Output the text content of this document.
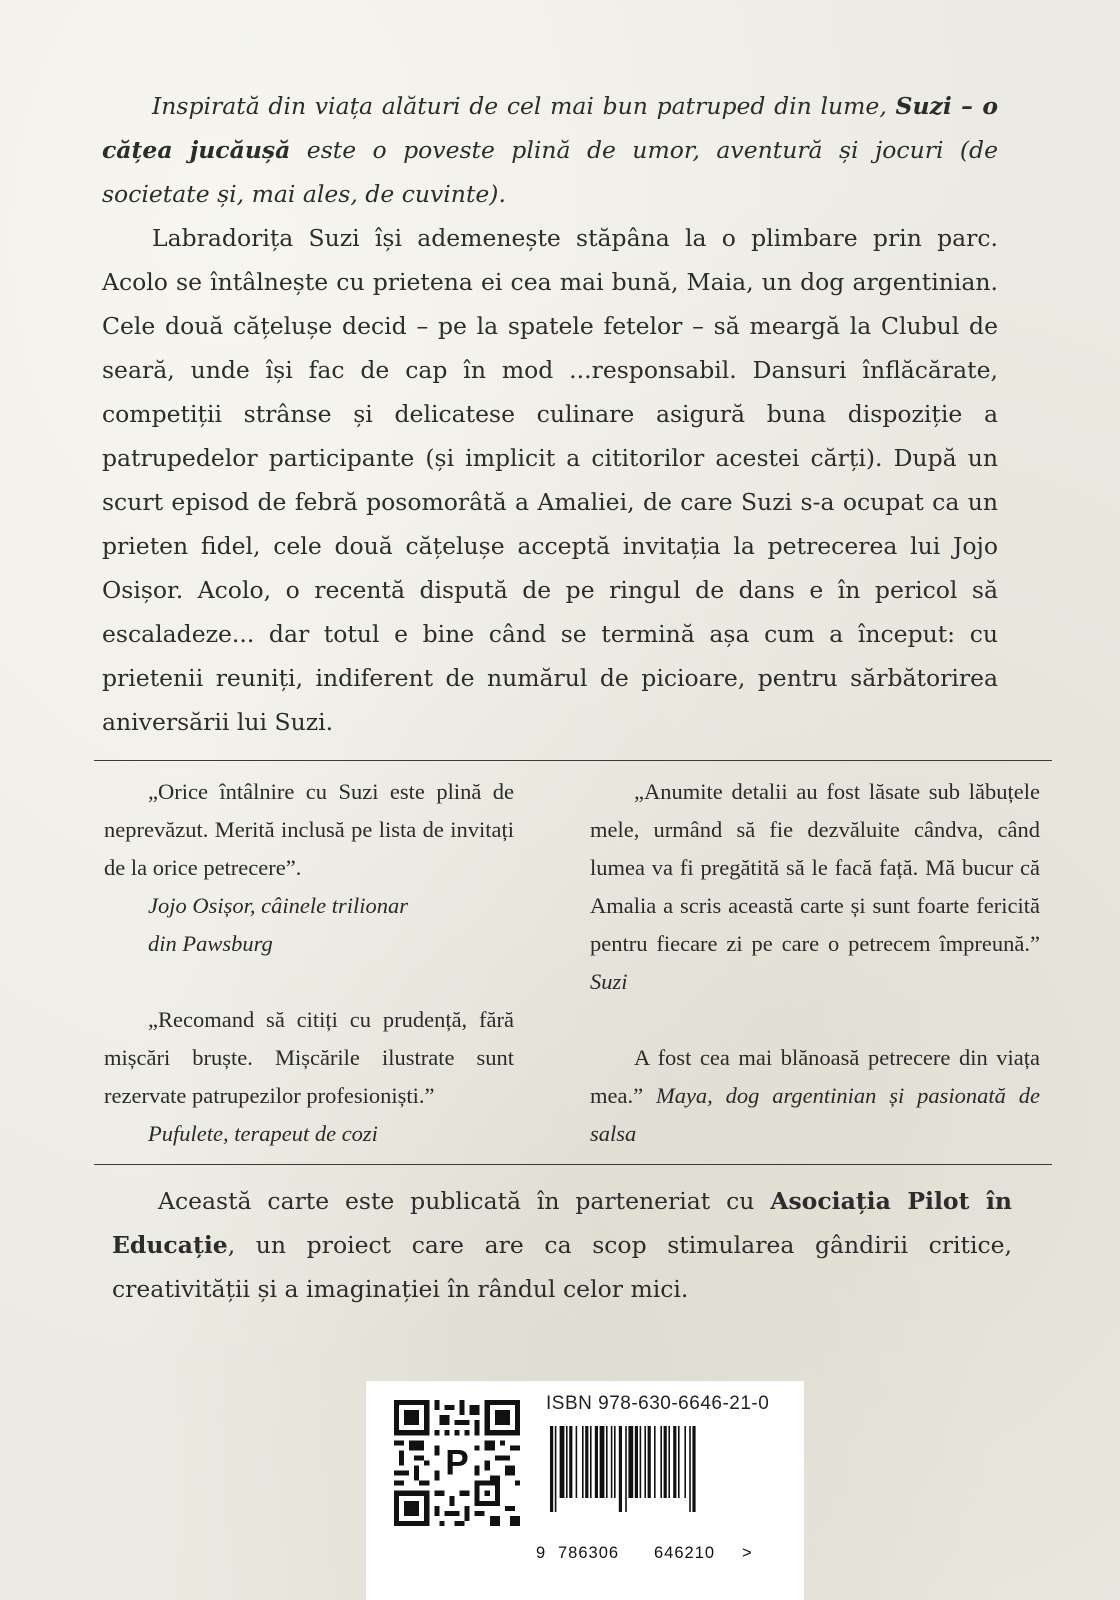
Inspirată din viața alături de cel mai bun patruped din lume, Suzi – o cățea jucăușă este o poveste plină de umor, aventură și jocuri (de societate și, mai ales, de cuvinte).

Labradorița Suzi își ademenește stăpâna la o plimbare prin parc. Acolo se întâlnește cu prietena ei cea mai bună, Maia, un dog argentinian. Cele două cățelușe decid – pe la spatele fetelor – să meargă la Clubul de seară, unde își fac de cap în mod ...responsabil. Dansuri înflăcărate, competiții strânse și delicatese culinare asigură buna dispoziție a patrupedelor participante (și implicit a cititorilor acestei cărți). După un scurt episod de febră posomorâtă a Amaliei, de care Suzi s-a ocupat ca un prieten fidel, cele două cățelușe acceptă invitația la petrecerea lui Jojo Osișor. Acolo, o recentă dispută de pe ringul de dans e în pericol să escaladeze... dar totul e bine când se termină așa cum a început: cu prietenii reuniți, indiferent de numărul de picioare, pentru sărbătorirea aniversării lui Suzi.

„Orice întâlnire cu Suzi este plină de neprevăzut. Merită inclusă pe lista de invitați de la orice petrecere”.
Jojo Osișor, câinele trilionar
din Pawsburg

„Recomand să citiți cu prudență, fără mișcări bruște. Mișcările ilustrate sunt rezervate patrupezilor profesioniști.”
Pufulete, terapeut de cozi

„Anumite detalii au fost lăsate sub lăbuțele mele, urmând să fie dezvăluite cândva, când lumea va fi pregătită să le facă față. Mă bucur că Amalia a scris această carte și sunt foarte fericită pentru fiecare zi pe care o petrecem împreună.” Suzi

A fost cea mai blănoasă petrecere din viața mea.” Maya, dog argentinian și pasionată de salsa

Această carte este publicată în parteneriat cu Asociația Pilot în Educație, un proiect care are ca scop stimularea gândirii critice, creativității și a imaginației în rândul celor mici.

P
ISBN 978-630-6646-21-0
9 786306 646210 >
